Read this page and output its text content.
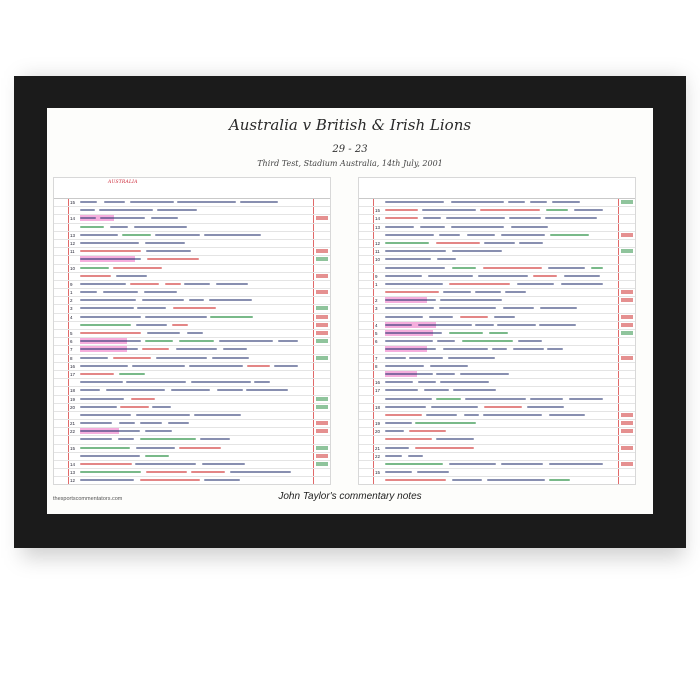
Australia v British & Irish Lions
29 - 23
Third Test, Stadium Australia, 14th July, 2001
AUSTRALIA
15
14
13
12
11
10
9
1
2
3
4
5
6
7
8
16
17
18
19
20
21
22
15
14
13
12
15
14
13
12
11
10
9
1
2
3
4
5
6
7
8
16
17
18
19
20
21
22
15
thesportscommentators.com	John Taylor's commentary notes
